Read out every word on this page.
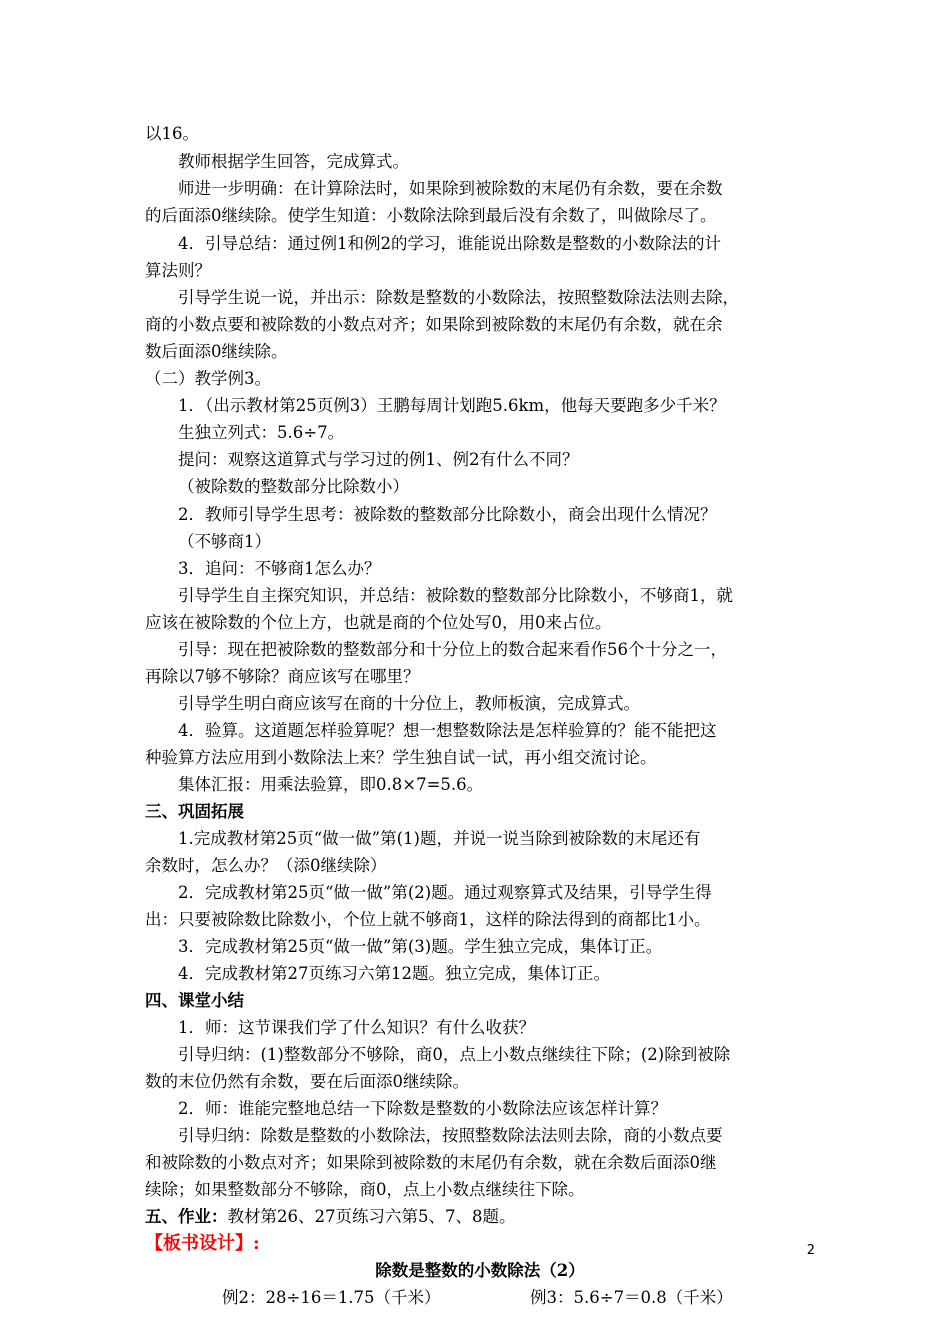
以16。
教师根据学生回答，完成算式。
师进一步明确：在计算除法时，如果除到被除数的末尾仍有余数，要在余数
的后面添0继续除。使学生知道：小数除法除到最后没有余数了，叫做除尽了。
4．引导总结：通过例1和例2的学习，谁能说出除数是整数的小数除法的计
算法则？
引导学生说一说，并出示：除数是整数的小数除法，按照整数除法法则去除，
商的小数点要和被除数的小数点对齐；如果除到被除数的末尾仍有余数，就在余
数后面添0继续除。
（二）教学例3。
1．（出示教材第25页例3）王鹏每周计划跑5.6km，他每天要跑多少千米？
生独立列式：5.6÷7。
提问：观察这道算式与学习过的例1、例2有什么不同？
（被除数的整数部分比除数小）
2．教师引导学生思考：被除数的整数部分比除数小，商会出现什么情况？
（不够商1）
3．追问：不够商1怎么办？
引导学生自主探究知识，并总结：被除数的整数部分比除数小，不够商1，就
应该在被除数的个位上方，也就是商的个位处写0，用0来占位。
引导：现在把被除数的整数部分和十分位上的数合起来看作56个十分之一，
再除以7够不够除？商应该写在哪里？
引导学生明白商应该写在商的十分位上，教师板演，完成算式。
4．验算。这道题怎样验算呢？想一想整数除法是怎样验算的？能不能把这
种验算方法应用到小数除法上来？学生独自试一试，再小组交流讨论。
集体汇报：用乘法验算，即0.8×7=5.6。
三、巩固拓展
1.完成教材第25页“做一做”第(1)题，并说一说当除到被除数的末尾还有
余数时，怎么办？（添0继续除）
2．完成教材第25页“做一做”第(2)题。通过观察算式及结果，引导学生得
出：只要被除数比除数小，个位上就不够商1，这样的除法得到的商都比1小。
3．完成教材第25页“做一做”第(3)题。学生独立完成，集体订正。
4．完成教材第27页练习六第12题。独立完成，集体订正。
四、课堂小结
1．师：这节课我们学了什么知识？有什么收获？
引导归纳：(1)整数部分不够除，商0，点上小数点继续往下除；(2)除到被除
数的末位仍然有余数，要在后面添0继续除。
2．师：谁能完整地总结一下除数是整数的小数除法应该怎样计算？
引导归纳：除数是整数的小数除法，按照整数除法法则去除，商的小数点要
和被除数的小数点对齐；如果除到被除数的末尾仍有余数，就在余数后面添0继
续除；如果整数部分不够除，商0，点上小数点继续往下除。
五、作业：教材第26、27页练习六第5、7、8题。
【板书设计】:
除数是整数的小数除法（2）
例2：28÷16＝1.75（千米）	例3：5.6÷7＝0.8（千米）
2
